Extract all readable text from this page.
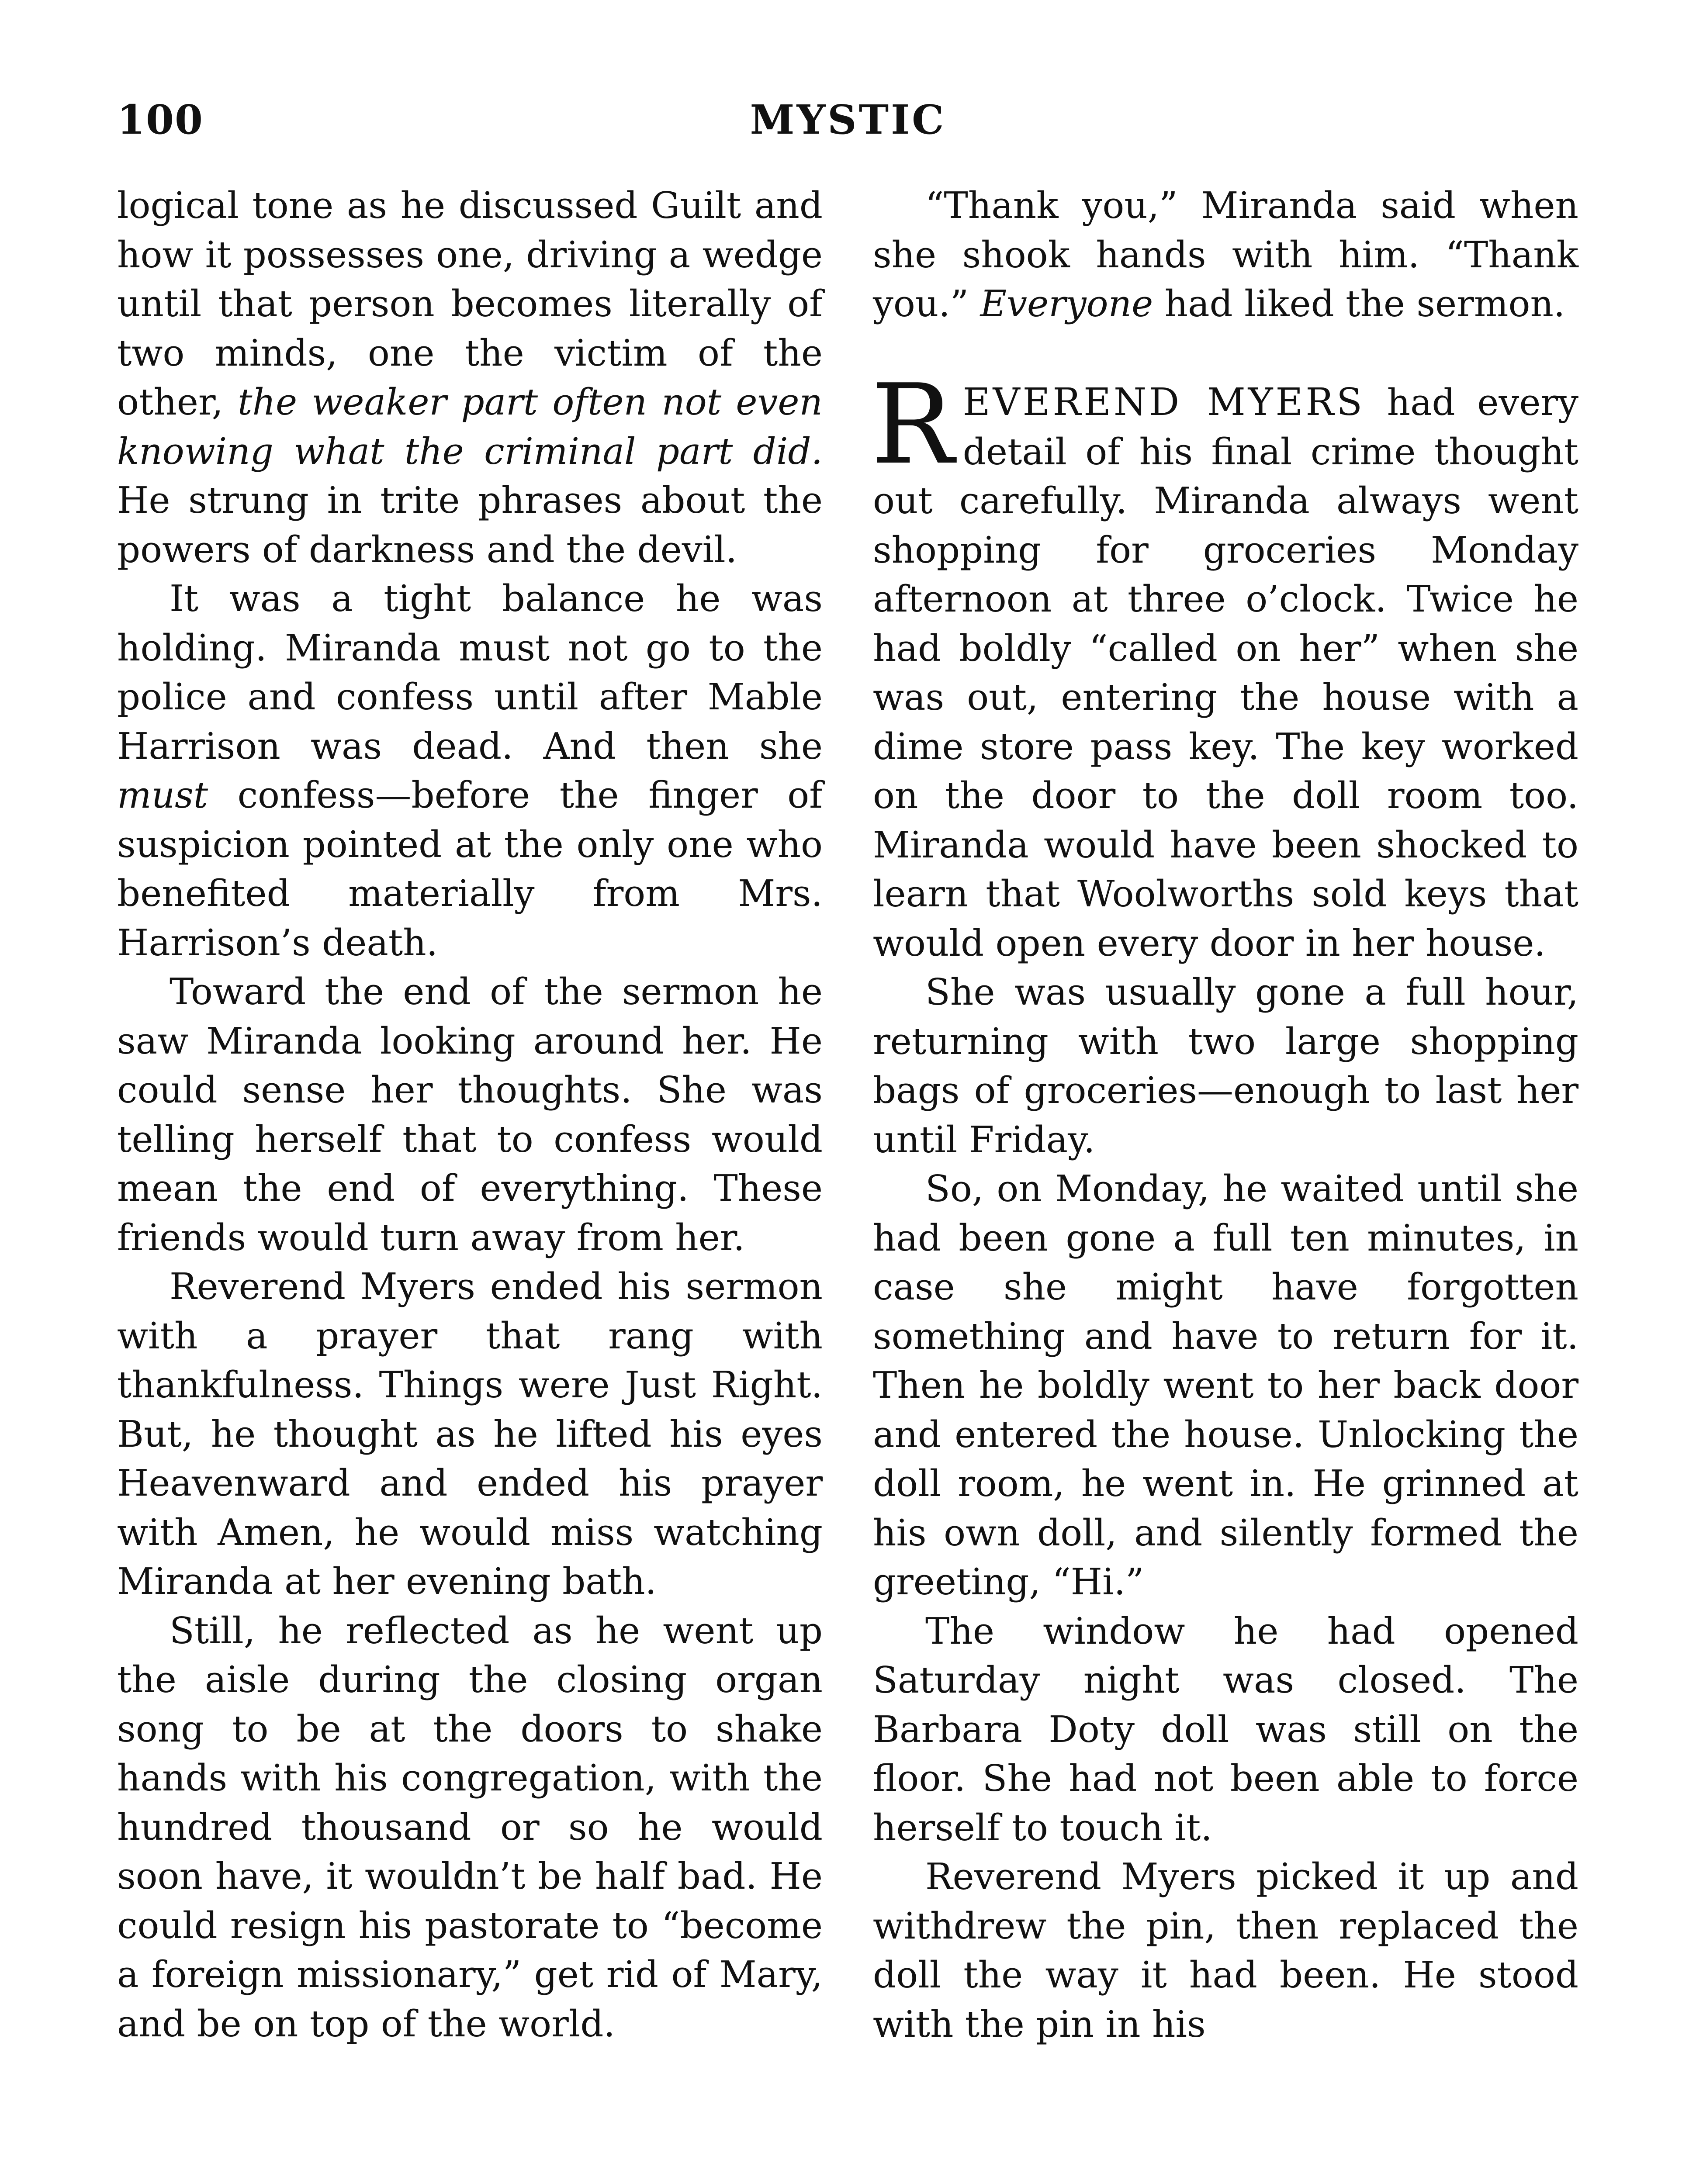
100	MYSTIC

logical tone as he discussed Guilt and how it possesses one, driving a wedge until that person becomes literally of two minds, one the victim of the other, the weaker part often not even knowing what the criminal part did. He strung in trite phrases about the powers of darkness and the devil.

It was a tight balance he was holding. Miranda must not go to the police and confess until after Mable Harrison was dead. And then she must confess—before the finger of suspicion pointed at the only one who benefited materially from Mrs. Harrison’s death.

Toward the end of the sermon he saw Miranda looking around her. He could sense her thoughts. She was telling herself that to confess would mean the end of everything. These friends would turn away from her.

Reverend Myers ended his sermon with a prayer that rang with thankfulness. Things were Just Right. But, he thought as he lifted his eyes Heavenward and ended his prayer with Amen, he would miss watching Miranda at her evening bath.

Still, he reflected as he went up the aisle during the closing organ song to be at the doors to shake hands with his congregation, with the hundred thousand or so he would soon have, it wouldn’t be half bad. He could resign his pastorate to “become a foreign missionary,” get rid of Mary, and be on top of the world.

“Thank you,” Miranda said when she shook hands with him. “Thank you.” Everyone had liked the sermon.

REVEREND MYERS had every detail of his final crime thought out carefully. Miranda always went shopping for groceries Monday afternoon at three o’clock. Twice he had boldly “called on her” when she was out, entering the house with a dime store pass key. The key worked on the door to the doll room too. Miranda would have been shocked to learn that Woolworths sold keys that would open every door in her house.

She was usually gone a full hour, returning with two large shopping bags of groceries—enough to last her until Friday.

So, on Monday, he waited until she had been gone a full ten minutes, in case she might have forgotten something and have to return for it. Then he boldly went to her back door and entered the house. Unlocking the doll room, he went in. He grinned at his own doll, and silently formed the greeting, “Hi.”

The window he had opened Saturday night was closed. The Barbara Doty doll was still on the floor. She had not been able to force herself to touch it.

Reverend Myers picked it up and withdrew the pin, then replaced the doll the way it had been. He stood with the pin in his
